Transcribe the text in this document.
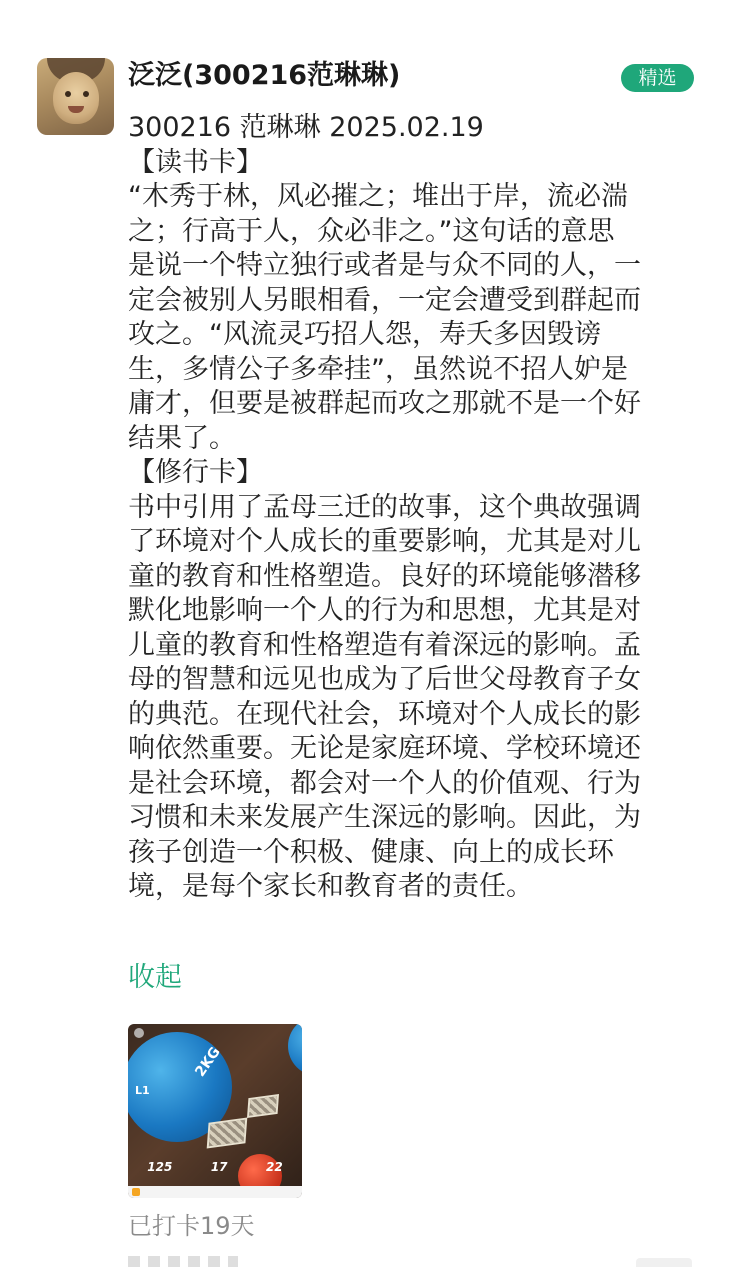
泛泛(300216范琳琳)	精选
300216 范琳琳 2025.02.19
【读书卡】
“木秀于林，风必摧之；堆出于岸，流必湍
之；行高于人，众必非之。”这句话的意思
是说一个特立独行或者是与众不同的人，一
定会被别人另眼相看，一定会遭受到群起而
攻之。“风流灵巧招人怨，寿夭多因毁谤
生，多情公子多牵挂”，虽然说不招人妒是
庸才，但要是被群起而攻之那就不是一个好
结果了。
【修行卡】
书中引用了孟母三迁的故事，这个典故强调
了环境对个人成长的重要影响，尤其是对儿
童的教育和性格塑造。良好的环境能够潜移
默化地影响一个人的行为和思想，尤其是对
儿童的教育和性格塑造有着深远的影响。孟
母的智慧和远见也成为了后世父母教育子女
的典范。在现代社会，环境对个人成长的影
响依然重要。无论是家庭环境、学校环境还
是社会环境，都会对一个人的价值观、行为
习惯和未来发展产生深远的影响。因此，为
孩子创造一个积极、健康、向上的成长环
境，是每个家长和教育者的责任。
收起
2KG
L1
125	17	22
已打卡19天
